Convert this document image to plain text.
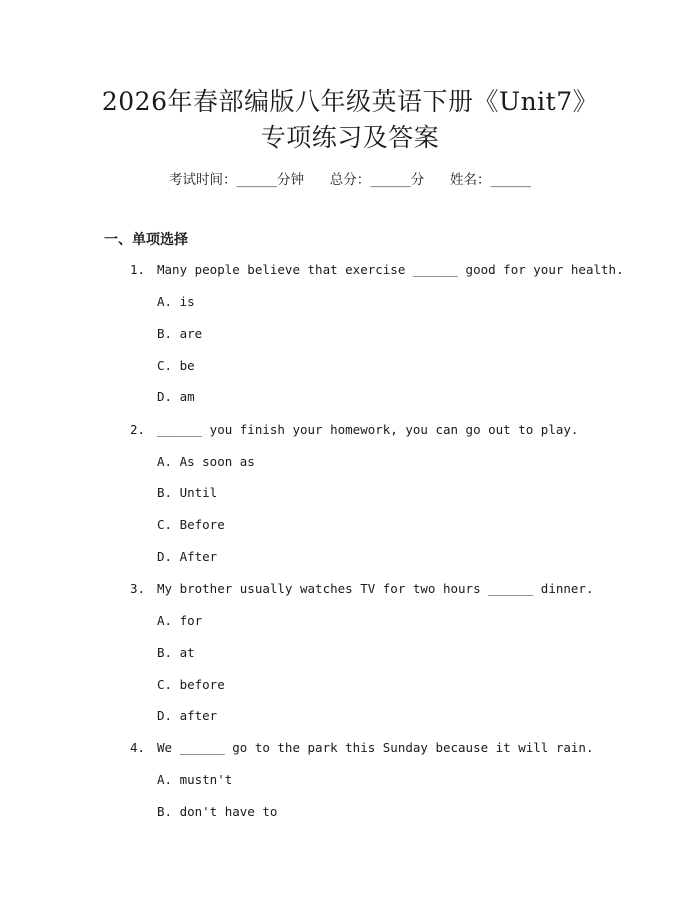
2026年春部编版八年级英语下册《Unit7》
专项练习及答案
考试时间：______分钟      总分：______分      姓名：______
一、单项选择
1. Many people believe that exercise ______ good for your health.
A. is
B. are
C. be
D. am
2. ______ you finish your homework, you can go out to play.
A. As soon as
B. Until
C. Before
D. After
3. My brother usually watches TV for two hours ______ dinner.
A. for
B. at
C. before
D. after
4. We ______ go to the park this Sunday because it will rain.
A. mustn't
B. don't have to
